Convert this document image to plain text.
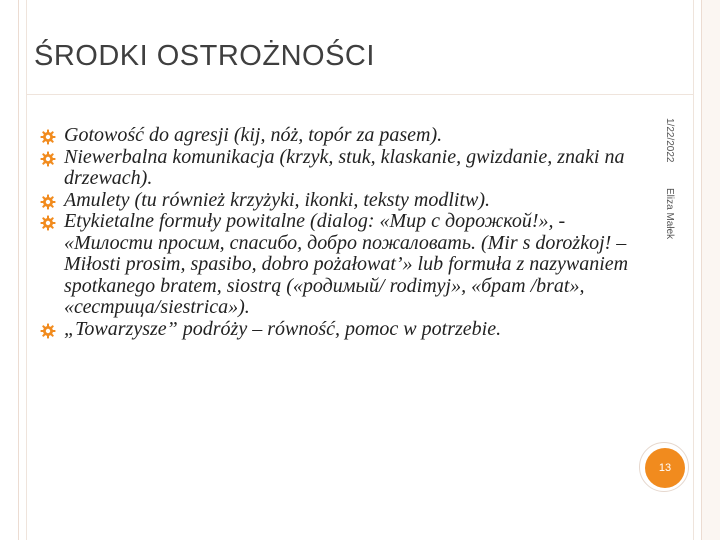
ŚRODKI OSTROŻNOŚCI
Gotowość do agresji (kij, nóż, topór za pasem).
Niewerbalna komunikacja (krzyk, stuk, klaskanie, gwizdanie, znaki na drzewach).
Amulety (tu również krzyżyki, ikonki, teksty modlitw).
Etykietalne formuły powitalne (dialog: «Мир с дорожкой!», - «Милости просим, спасибо, добро пожаловать. (Mir s dorożkoj! – Miłosti prosim, spasibo, dobro pożałowat’» lub formuła z nazywaniem spotkanego bratem, siostrą («родимый/ rodimyj», «брат /brat», «сестрица/siestrica»).
„Towarzysze” podróży – równość, pomoc w potrzebie.
1/22/2022
Eliza Małek
13
